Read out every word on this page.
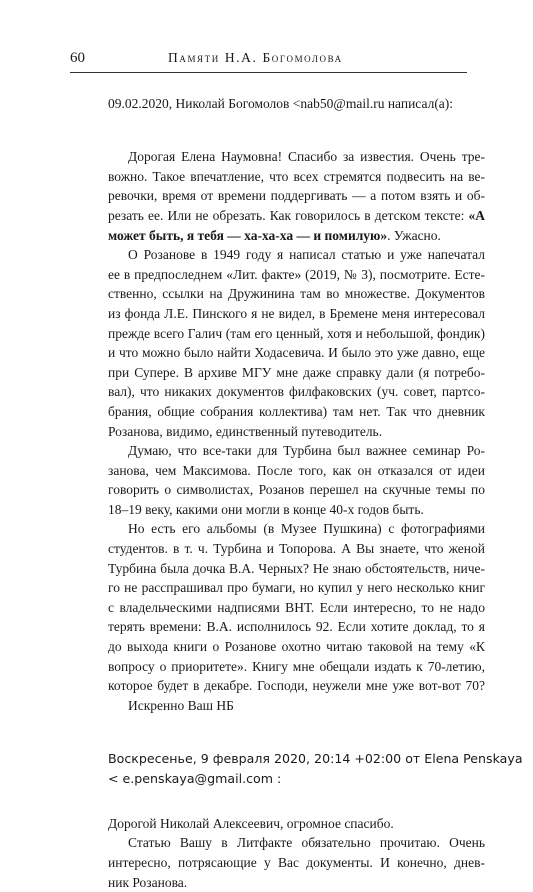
60	Памяти Н.А. Богомолова
09.02.2020, Николай Богомолов <nab50@mail.ru написал(а):
Дорогая Елена Наумовна! Спасибо за известия. Очень тре-
вожно. Такое впечатление, что всех стремятся подвесить на ве-
ревочки, время от времени поддергивать — а потом взять и об-
резать ее. Или не обрезать. Как говорилось в детском тексте: «А
может быть, я тебя — ха-ха-ха — и помилую». Ужасно.
О Розанове в 1949 году я написал статью и уже напечатал
ее в предпоследнем «Лит. факте» (2019, № 3), посмотрите. Есте-
ственно, ссылки на Дружинина там во множестве. Документов
из фонда Л.Е. Пинского я не видел, в Бремене меня интересовал
прежде всего Галич (там его ценный, хотя и небольшой, фондик)
и что можно было найти Ходасевича. И было это уже давно, еще
при Супере. В архиве МГУ мне даже справку дали (я потребо-
вал), что никаких документов филфаковских (уч. совет, партсо-
брания, общие собрания коллектива) там нет. Так что дневник
Розанова, видимо, единственный путеводитель.
Думаю, что все-таки для Турбина был важнее семинар Ро-
занова, чем Максимова. После того, как он отказался от идеи
говорить о символистах, Розанов перешел на скучные темы по
18–19 веку, какими они могли в конце 40-х годов быть.
Но есть его альбомы (в Музее Пушкина) с фотографиями
студентов. в т. ч. Турбина и Топорова. А Вы знаете, что женой
Турбина была дочка В.А. Черных? Не знаю обстоятельств, ниче-
го не расспрашивал про бумаги, но купил у него несколько книг
с владельческими надписями ВНТ. Если интересно, то не надо
терять времени: В.А. исполнилось 92. Если хотите доклад, то я
до выхода книги о Розанове охотно читаю таковой на тему «К
вопросу о приоритете». Книгу мне обещали издать к 70-летию,
которое будет в декабре. Господи, неужели мне уже вот-вот 70?
Искренно Ваш НБ
Воскресенье, 9 февраля 2020, 20:14 +02:00 от Elena Penskaya
< e.penskaya@gmail.com :
Дорогой Николай Алексеевич, огромное спасибо.
Статью Вашу в Литфакте обязательно прочитаю. Очень
интересно, потрясающие у Вас документы. И конечно, днев-
ник Розанова.
